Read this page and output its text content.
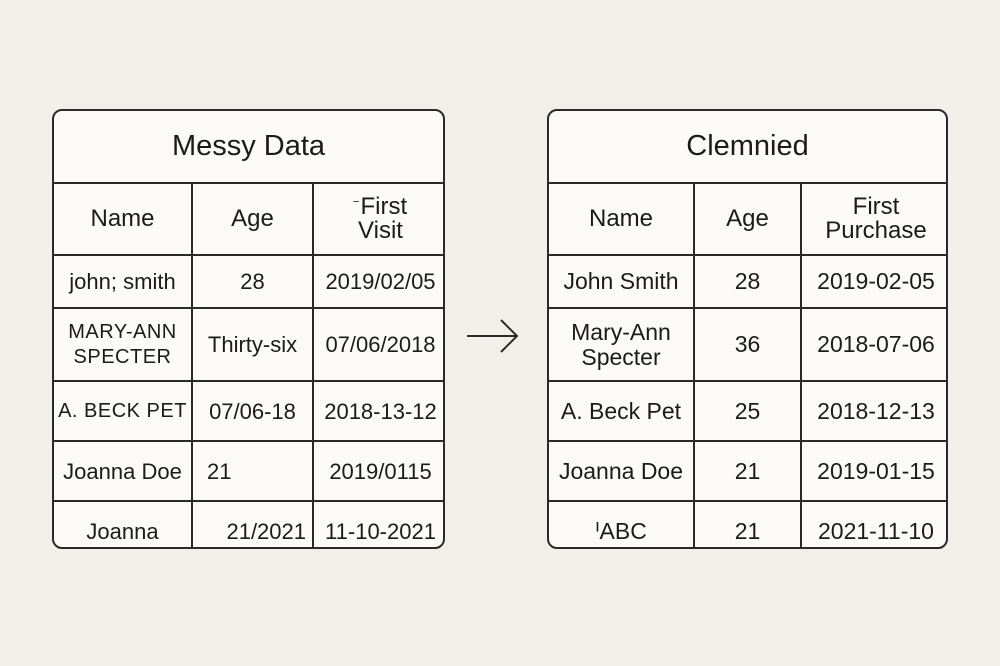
Messy Data
Name	Age	‾First
Visit
john; smith	28	2019/02/05
MARY-ANN
SPECTER	Thirty-six	07/06/2018
A. BECK PET	07/06-18	2018-13-12
Joanna Doe	21	2019/0115
Joanna	21/2021	11-10-2021
Clemnied
Name	Age	First
Purchase
John Smith	28	2019-02-05
Mary-Ann
Specter	36	2018-07-06
A. Beck Pet	25	2018-12-13
Joanna Doe	21	2019-01-15
ᑊABC	21	2021-11-10
